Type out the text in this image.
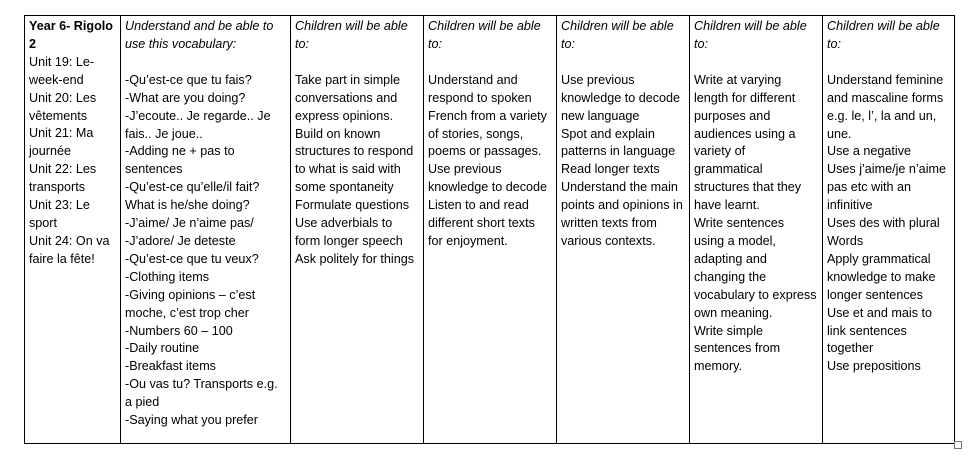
Year 6- Rigolo 2
Unit 19: Le-week-end
Unit 20: Les vêtements
Unit 21: Ma journée
Unit 22: Les transports
Unit 23: Le sport
Unit 24: On va faire la fête!

Understand and be able to use this vocabulary:
-Qu’est-ce que tu fais?
-What are you doing?
-J’ecoute.. Je regarde.. Je fais.. Je joue..
-Adding ne + pas to sentences
-Qu’est-ce qu’elle/il fait? What is he/she doing?
-J’aime/ Je n’aime pas/
-J’adore/ Je deteste
-Qu’est-ce que tu veux?
-Clothing items
-Giving opinions – c’est moche, c’est trop cher
-Numbers 60 – 100
-Daily routine
-Breakfast items
-Ou vas tu? Transports e.g. a pied
-Saying what you prefer

Children will be able to:
Take part in simple conversations and express opinions.
Build on known structures to respond to what is said with some spontaneity
Formulate questions
Use adverbials to form longer speech
Ask politely for things

Children will be able to:
Understand and respond to spoken French from a variety of stories, songs, poems or passages.
Use previous knowledge to decode
Listen to and read different short texts for enjoyment.

Children will be able to:
Use previous knowledge to decode new language
Spot and explain patterns in language
Read longer texts
Understand the main points and opinions in written texts from various contexts.

Children will be able to:
Write at varying length for different purposes and audiences using a variety of grammatical structures that they have learnt.
Write sentences using a model, adapting and changing the vocabulary to express own meaning.
Write simple sentences from memory.

Children will be able to:
Understand feminine and mascaline forms e.g. le, l’, la and un, une.
Use a negative
Uses j’aime/je n’aime pas etc with an infinitive
Uses des with plural
Words
Apply grammatical knowledge to make longer sentences
Use et and mais to link sentences together
Use prepositions
